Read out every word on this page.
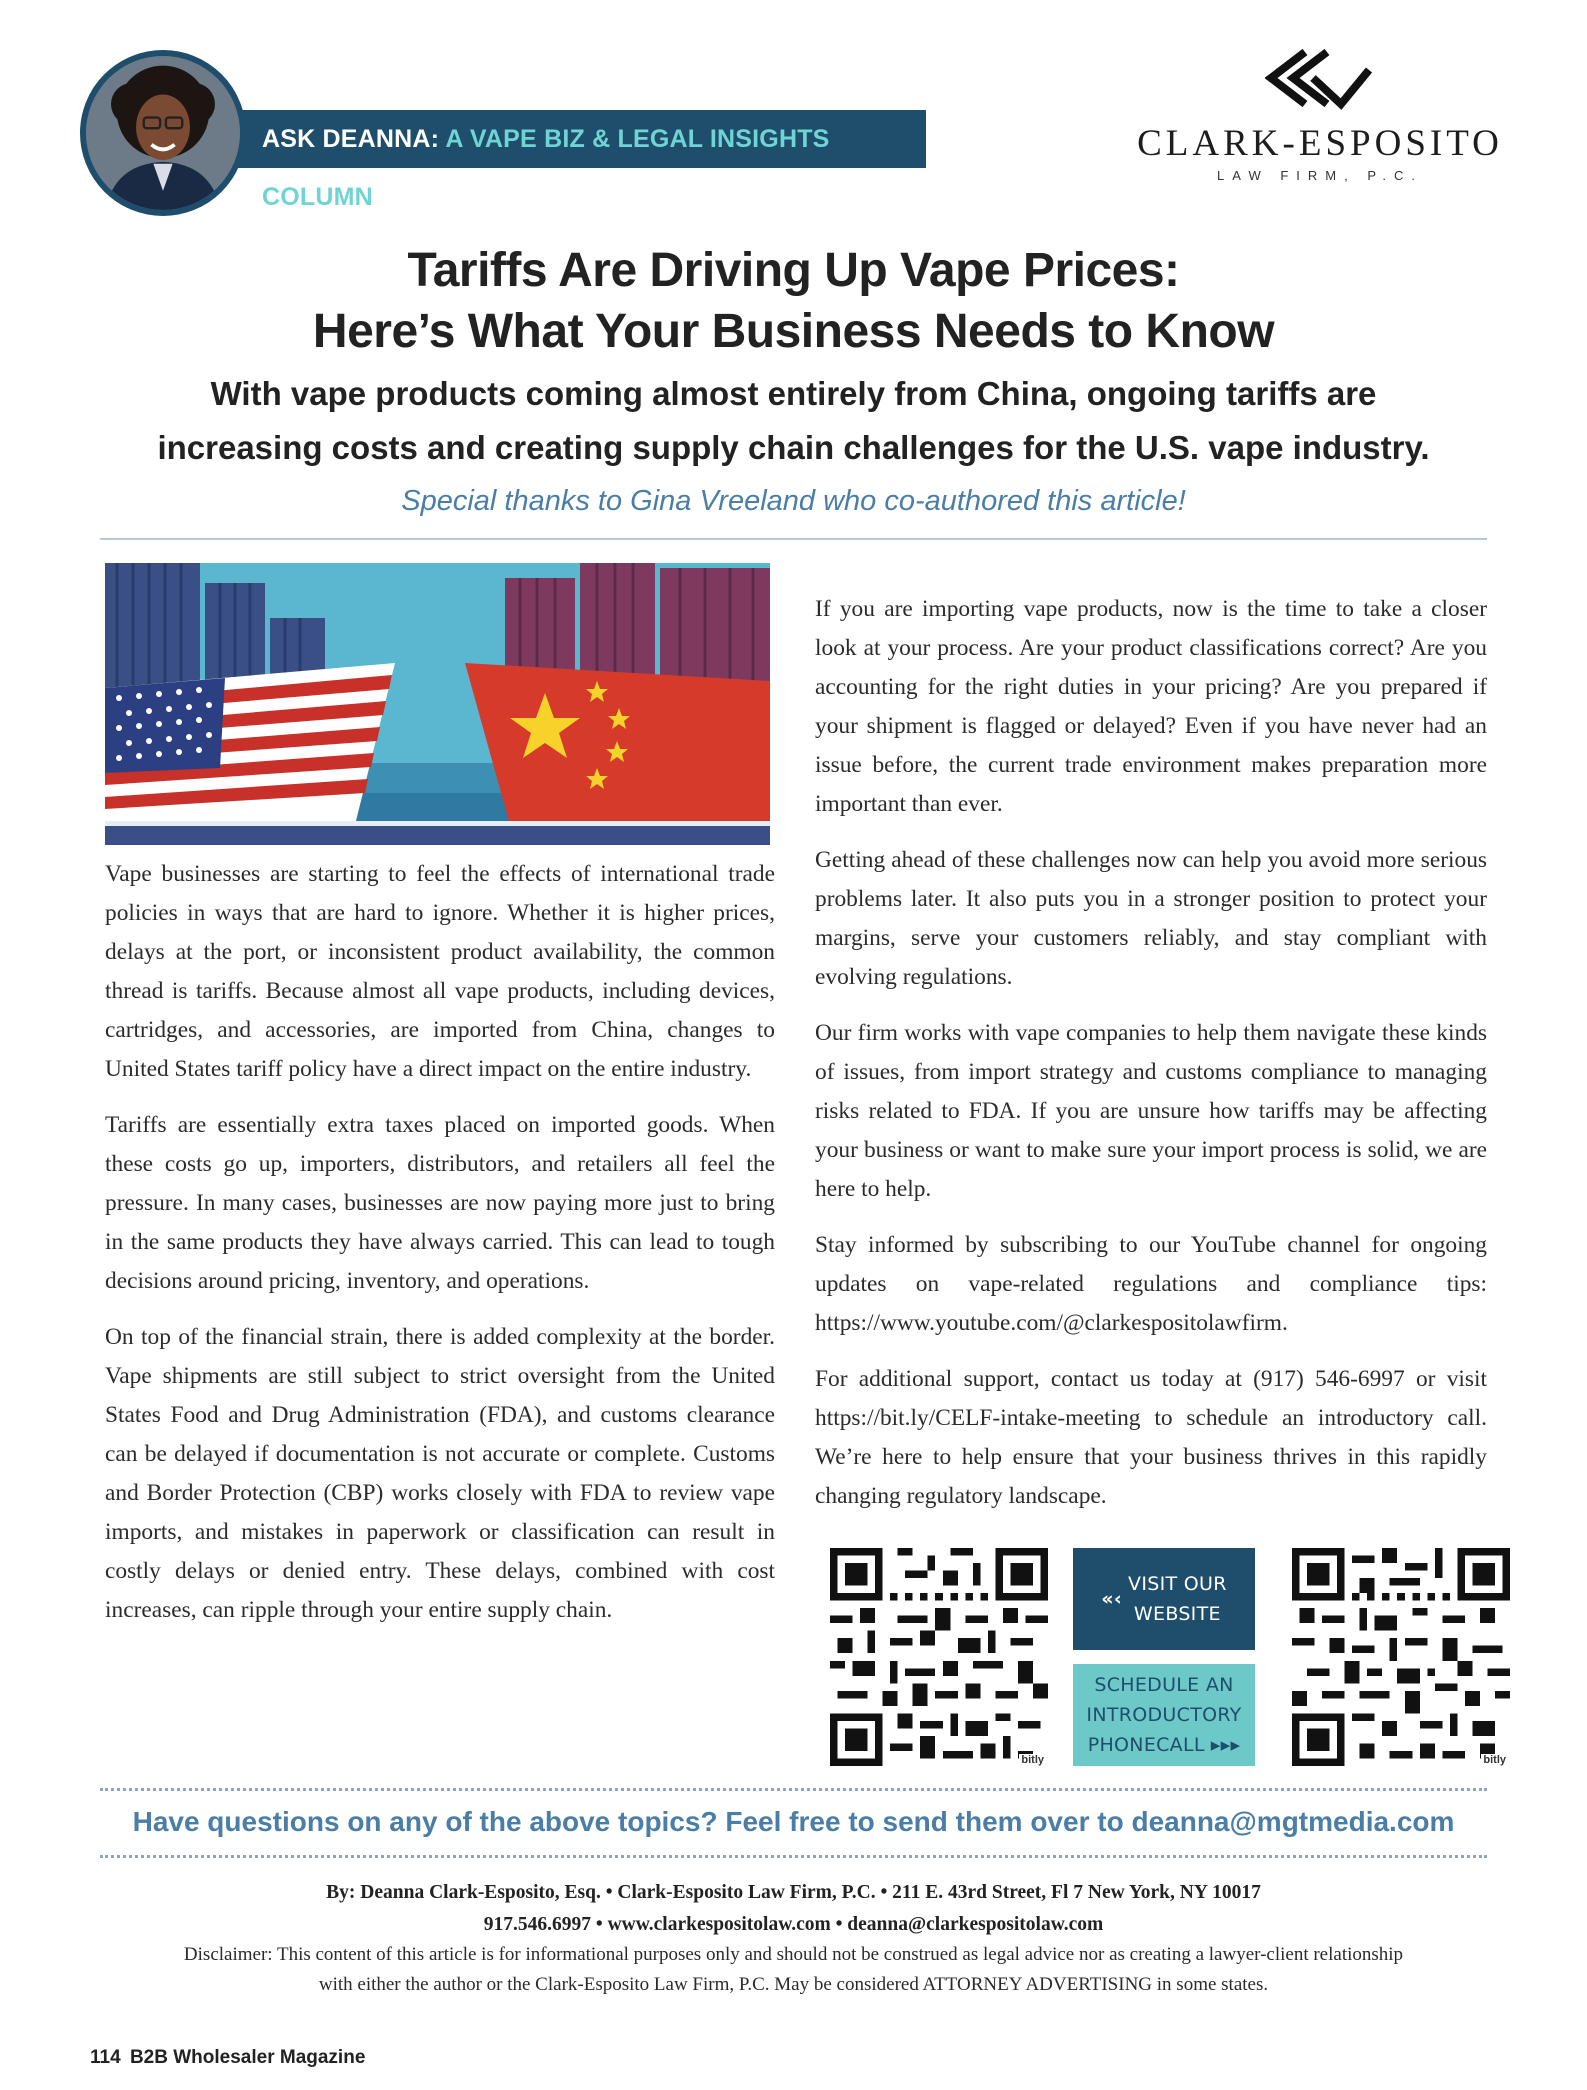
ASK DEANNA: A VAPE BIZ & LEGAL INSIGHTS COLUMN
CLARK-ESPOSITO
LAW FIRM, P.C.
Tariffs Are Driving Up Vape Prices:
Here’s What Your Business Needs to Know
With vape products coming almost entirely from China, ongoing tariffs are
increasing costs and creating supply chain challenges for the U.S. vape industry.
Special thanks to Gina Vreeland who co-authored this article!

Vape businesses are starting to feel the effects of international trade policies in ways that are hard to ignore. Whether it is higher prices, delays at the port, or inconsistent product availability, the common thread is tariffs. Because almost all vape products, including devices, cartridges, and accessories, are imported from China, changes to United States tariff policy have a direct impact on the entire industry.

Tariffs are essentially extra taxes placed on imported goods. When these costs go up, importers, distributors, and retailers all feel the pressure. In many cases, businesses are now paying more just to bring in the same products they have always carried. This can lead to tough decisions around pricing, inventory, and operations.

On top of the financial strain, there is added complexity at the border. Vape shipments are still subject to strict oversight from the United States Food and Drug Administration (FDA), and customs clearance can be delayed if documentation is not accurate or complete. Customs and Border Protection (CBP) works closely with FDA to review vape imports, and mistakes in paperwork or classification can result in costly delays or denied entry. These delays, combined with cost increases, can ripple through your entire supply chain.

If you are importing vape products, now is the time to take a closer look at your process. Are your product classifications correct? Are you accounting for the right duties in your pricing? Are you prepared if your shipment is flagged or delayed? Even if you have never had an issue before, the current trade environment makes preparation more important than ever.

Getting ahead of these challenges now can help you avoid more serious problems later. It also puts you in a stronger position to protect your margins, serve your customers reliably, and stay compliant with evolving regulations.

Our firm works with vape companies to help them navigate these kinds of issues, from import strategy and customs compliance to managing risks related to FDA. If you are unsure how tariffs may be affecting your business or want to make sure your import process is solid, we are here to help.

Stay informed by subscribing to our YouTube channel for ongoing updates on vape-related regulations and compliance tips: https://www.youtube.com/@clarkespositolawfirm.

For additional support, contact us today at (917) 546-6997 or visit https://bit.ly/CELF-intake-meeting to schedule an introductory call. We’re here to help ensure that your business thrives in this rapidly changing regulatory landscape.

bitly
«‹
VISIT OUR
WEBSITE
SCHEDULE AN
INTRODUCTORY
PHONECALL ▸▸▸
bitly
Have questions on any of the above topics? Feel free to send them over to deanna@mgtmedia.com
By: Deanna Clark-Esposito, Esq. • Clark-Esposito Law Firm, P.C. • 211 E. 43rd Street, Fl 7 New York, NY 10017
917.546.6997 • www.clarkespositolaw.com • deanna@clarkespositolaw.com
Disclaimer: This content of this article is for informational purposes only and should not be construed as legal advice nor as creating a lawyer-client relationship
with either the author or the Clark-Esposito Law Firm, P.C. May be considered ATTORNEY ADVERTISING in some states.
114 B2B Wholesaler Magazine
